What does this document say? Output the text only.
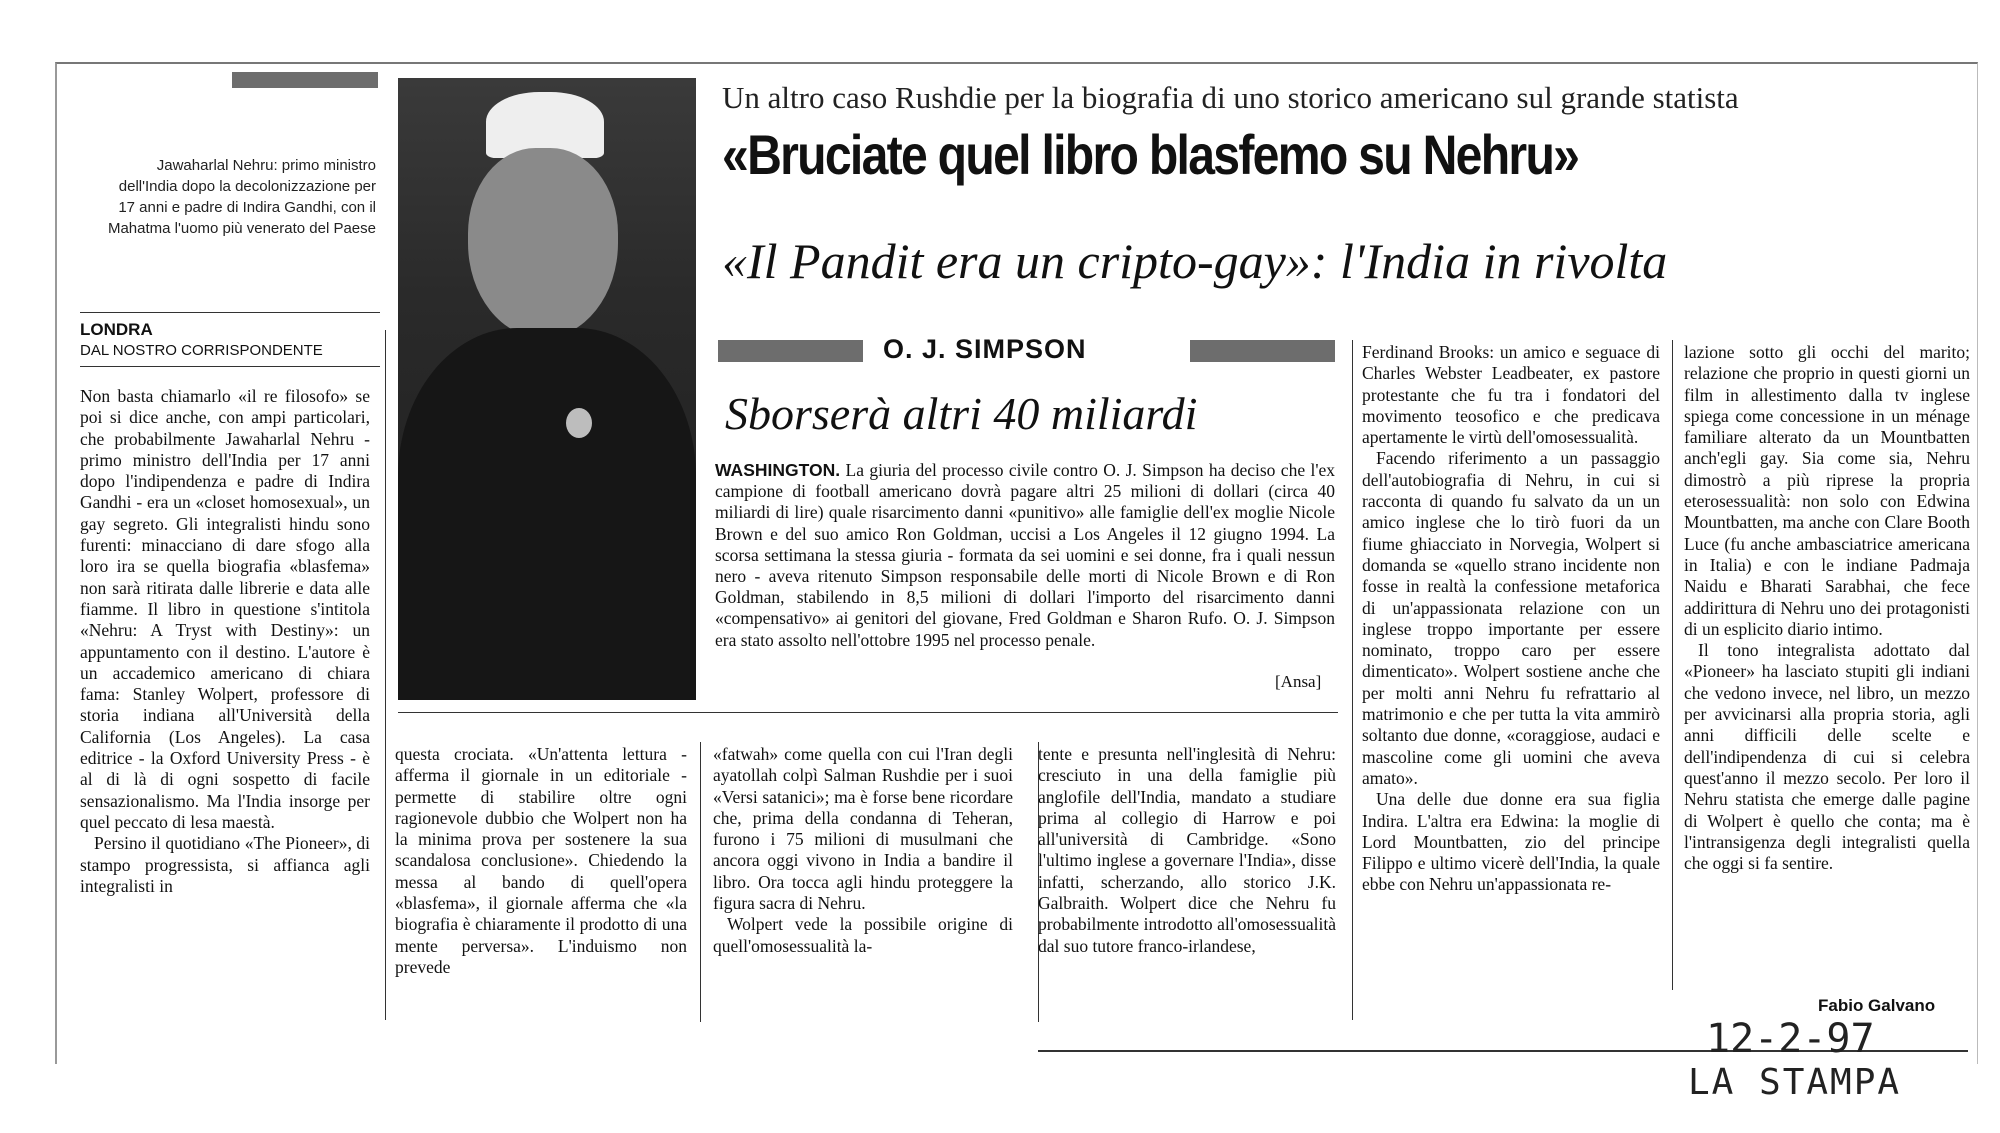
Jawaharlal Nehru: primo ministro dell'India dopo la decolonizzazione per 17 anni e padre di Indira Gandhi, con il Mahatma l'uomo più venerato del Paese
LONDRA
DAL NOSTRO CORRISPONDENTE
Un altro caso Rushdie per la biografia di uno storico americano sul grande statista
«Bruciate quel libro blasfemo su Nehru»
«Il Pandit era un cripto-gay»: l'India in rivolta
O. J. SIMPSON
Sborserà altri 40 miliardi

WASHINGTON. La giuria del processo civile contro O. J. Simpson ha deciso che l'ex campione di football americano dovrà pagare altri 25 milioni di dollari (circa 40 miliardi di lire) quale risarcimento danni «punitivo» alle famiglie dell'ex moglie Nicole Brown e del suo amico Ron Goldman, uccisi a Los Angeles il 12 giugno 1994. La scorsa settimana la stessa giuria - formata da sei uomini e sei donne, fra i quali nessun nero - aveva ritenuto Simpson responsabile delle morti di Nicole Brown e di Ron Goldman, stabilendo in 8,5 milioni di dollari l'importo del risarcimento danni «compensativo» ai genitori del giovane, Fred Goldman e Sharon Rufo. O. J. Simpson era stato assolto nell'ottobre 1995 nel processo penale.

[Ansa]

Non basta chiamarlo «il re filosofo» se poi si dice anche, con ampi particolari, che probabilmente Jawaharlal Nehru - primo ministro dell'India per 17 anni dopo l'indipendenza e padre di Indira Gandhi - era un «closet homosexual», un gay segreto. Gli integralisti hindu sono furenti: minacciano di dare sfogo alla loro ira se quella biografia «blasfema» non sarà ritirata dalle librerie e data alle fiamme. Il libro in questione s'intitola «Nehru: A Tryst with Destiny»: un appuntamento con il destino. L'autore è un accademico americano di chiara fama: Stanley Wolpert, professore di storia indiana all'Università della California (Los Angeles). La casa editrice - la Oxford University Press - è al di là di ogni sospetto di facile sensazionalismo. Ma l'India insorge per quel peccato di lesa maestà.

Persino il quotidiano «The Pioneer», di stampo progressista, si affianca agli integralisti in

questa crociata. «Un'attenta lettura - afferma il giornale in un editoriale - permette di stabilire oltre ogni ragionevole dubbio che Wolpert non ha la minima prova per sostenere la sua scandalosa conclusione». Chiedendo la messa al bando di quell'opera «blasfema», il giornale afferma che «la biografia è chiaramente il prodotto di una mente perversa». L'induismo non prevede

«fatwah» come quella con cui l'Iran degli ayatollah colpì Salman Rushdie per i suoi «Versi satanici»; ma è forse bene ricordare che, prima della condanna di Teheran, furono i 75 milioni di musulmani che ancora oggi vivono in India a bandire il libro. Ora tocca agli hindu proteggere la figura sacra di Nehru.

Wolpert vede la possibile origine di quell'omosessualità la-

tente e presunta nell'inglesità di Nehru: cresciuto in una della famiglie più anglofile dell'India, mandato a studiare prima al collegio di Harrow e poi all'università di Cambridge. «Sono l'ultimo inglese a governare l'India», disse infatti, scherzando, allo storico J.K. Galbraith. Wolpert dice che Nehru fu probabilmente introdotto all'omosessualità dal suo tutore franco-irlandese,

Ferdinand Brooks: un amico e seguace di Charles Webster Leadbeater, ex pastore protestante che fu tra i fondatori del movimento teosofico e che predicava apertamente le virtù dell'omosessualità.

Facendo riferimento a un passaggio dell'autobiografia di Nehru, in cui si racconta di quando fu salvato da un un amico inglese che lo tirò fuori da un fiume ghiacciato in Norvegia, Wolpert si domanda se «quello strano incidente non fosse in realtà la confessione metaforica di un'appassionata relazione con un inglese troppo importante per essere nominato, troppo caro per essere dimenticato». Wolpert sostiene anche che per molti anni Nehru fu refrattario al matrimonio e che per tutta la vita ammirò soltanto due donne, «coraggiose, audaci e mascoline come gli uomini che aveva amato».

Una delle due donne era sua figlia Indira. L'altra era Edwina: la moglie di Lord Mountbatten, zio del principe Filippo e ultimo vicerè dell'India, la quale ebbe con Nehru un'appassionata re-

lazione sotto gli occhi del marito; relazione che proprio in questi giorni un film in allestimento dalla tv inglese spiega come concessione in un ménage familiare alterato da un Mountbatten anch'egli gay. Sia come sia, Nehru dimostrò a più riprese la propria eterosessualità: non solo con Edwina Mountbatten, ma anche con Clare Booth Luce (fu anche ambasciatrice americana in Italia) e con le indiane Padmaja Naidu e Bharati Sarabhai, che fece addirittura di Nehru uno dei protagonisti di un esplicito diario intimo.

Il tono integralista adottato dal «Pioneer» ha lasciato stupiti gli indiani che vedono invece, nel libro, un mezzo per avvicinarsi alla propria storia, agli anni difficili delle scelte e dell'indipendenza di cui si celebra quest'anno il mezzo secolo. Per loro il Nehru statista che emerge dalle pagine di Wolpert è quello che conta; ma è l'intransigenza degli integralisti quella che oggi si fa sentire.

Fabio Galvano
12-2-97
LA STAMPA
